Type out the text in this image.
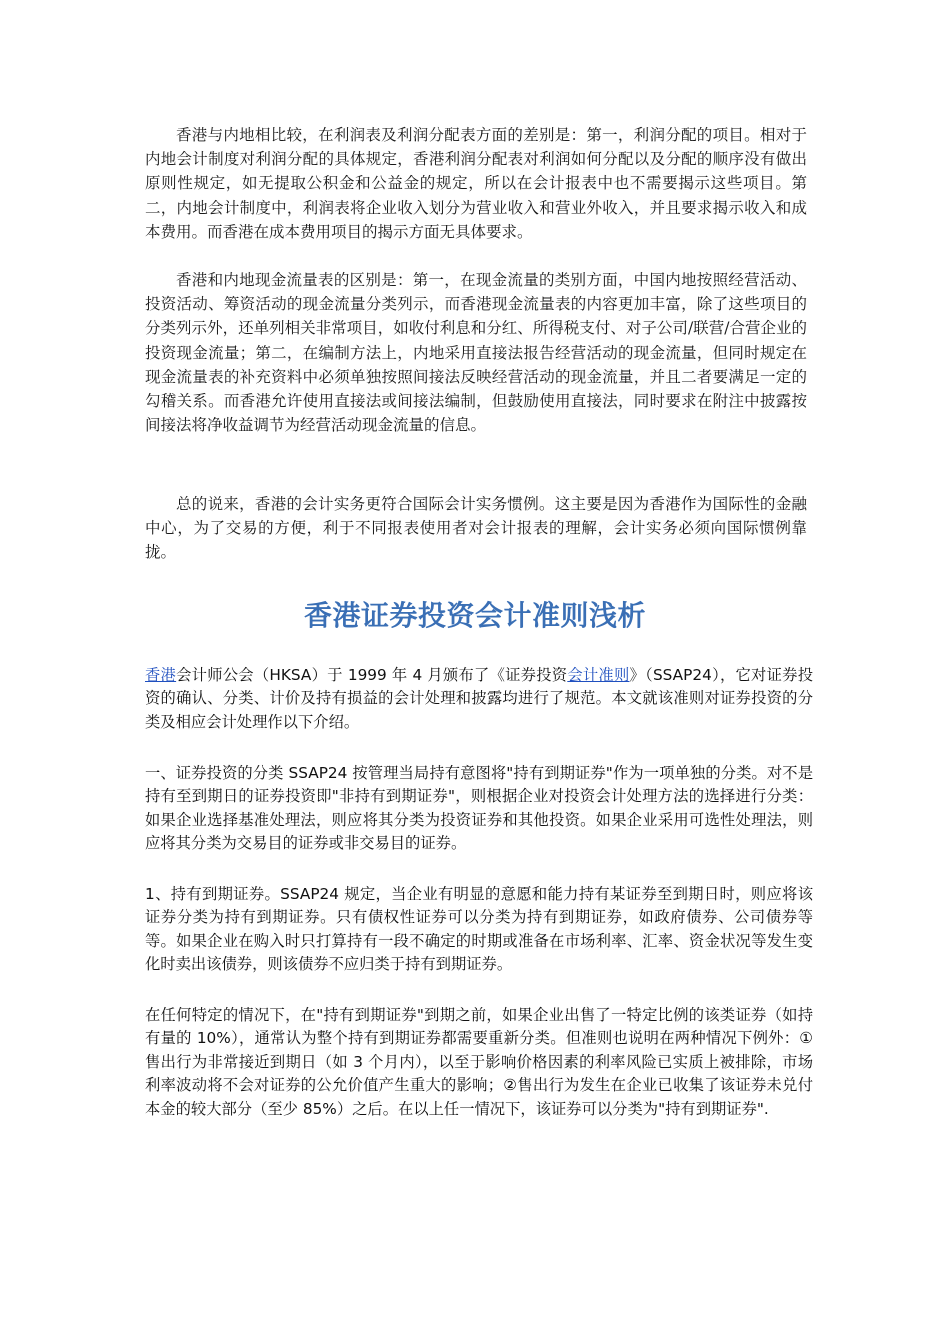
香港与内地相比较，在利润表及利润分配表方面的差别是：第一，利润分配的项目。相对于内地会计制度对利润分配的具体规定，香港利润分配表对利润如何分配以及分配的顺序没有做出原则性规定，如无提取公积金和公益金的规定，所以在会计报表中也不需要揭示这些项目。第二，内地会计制度中，利润表将企业收入划分为营业收入和营业外收入，并且要求揭示收入和成本费用。而香港在成本费用项目的揭示方面无具体要求。

香港和内地现金流量表的区别是：第一，在现金流量的类别方面，中国内地按照经营活动、投资活动、筹资活动的现金流量分类列示，而香港现金流量表的内容更加丰富，除了这些项目的分类列示外，还单列相关非常项目，如收付利息和分红、所得税支付、对子公司/联营/合营企业的投资现金流量；第二，在编制方法上，内地采用直接法报告经营活动的现金流量，但同时规定在现金流量表的补充资料中必须单独按照间接法反映经营活动的现金流量，并且二者要满足一定的勾稽关系。而香港允许使用直接法或间接法编制，但鼓励使用直接法，同时要求在附注中披露按间接法将净收益调节为经营活动现金流量的信息。

总的说来，香港的会计实务更符合国际会计实务惯例。这主要是因为香港作为国际性的金融中心，为了交易的方便，利于不同报表使用者对会计报表的理解，会计实务必须向国际惯例靠拢。

香港证券投资会计准则浅析

香港会计师公会（HKSA）于 1999 年 4 月颁布了《证券投资会计准则》（SSAP24），它对证券投资的确认、分类、计价及持有损益的会计处理和披露均进行了规范。本文就该准则对证券投资的分类及相应会计处理作以下介绍。

一、证券投资的分类 SSAP24 按管理当局持有意图将"持有到期证券"作为一项单独的分类。对不是持有至到期日的证券投资即"非持有到期证券"，则根据企业对投资会计处理方法的选择进行分类：如果企业选择基准处理法，则应将其分类为投资证券和其他投资。如果企业采用可选性处理法，则应将其分类为交易目的证券或非交易目的证券。

1、持有到期证券。SSAP24 规定，当企业有明显的意愿和能力持有某证券至到期日时，则应将该证券分类为持有到期证券。只有债权性证券可以分类为持有到期证券，如政府债券、公司债券等等。如果企业在购入时只打算持有一段不确定的时期或准备在市场利率、汇率、资金状况等发生变化时卖出该债券，则该债券不应归类于持有到期证券。

在任何特定的情况下，在"持有到期证券"到期之前，如果企业出售了一特定比例的该类证券（如持有量的 10%），通常认为整个持有到期证券都需要重新分类。但准则也说明在两种情况下例外：①售出行为非常接近到期日（如 3 个月内），以至于影响价格因素的利率风险已实质上被排除，市场利率波动将不会对证券的公允价值产生重大的影响；②售出行为发生在企业已收集了该证券未兑付本金的较大部分（至少 85%）之后。在以上任一情况下，该证券可以分类为"持有到期证券".
